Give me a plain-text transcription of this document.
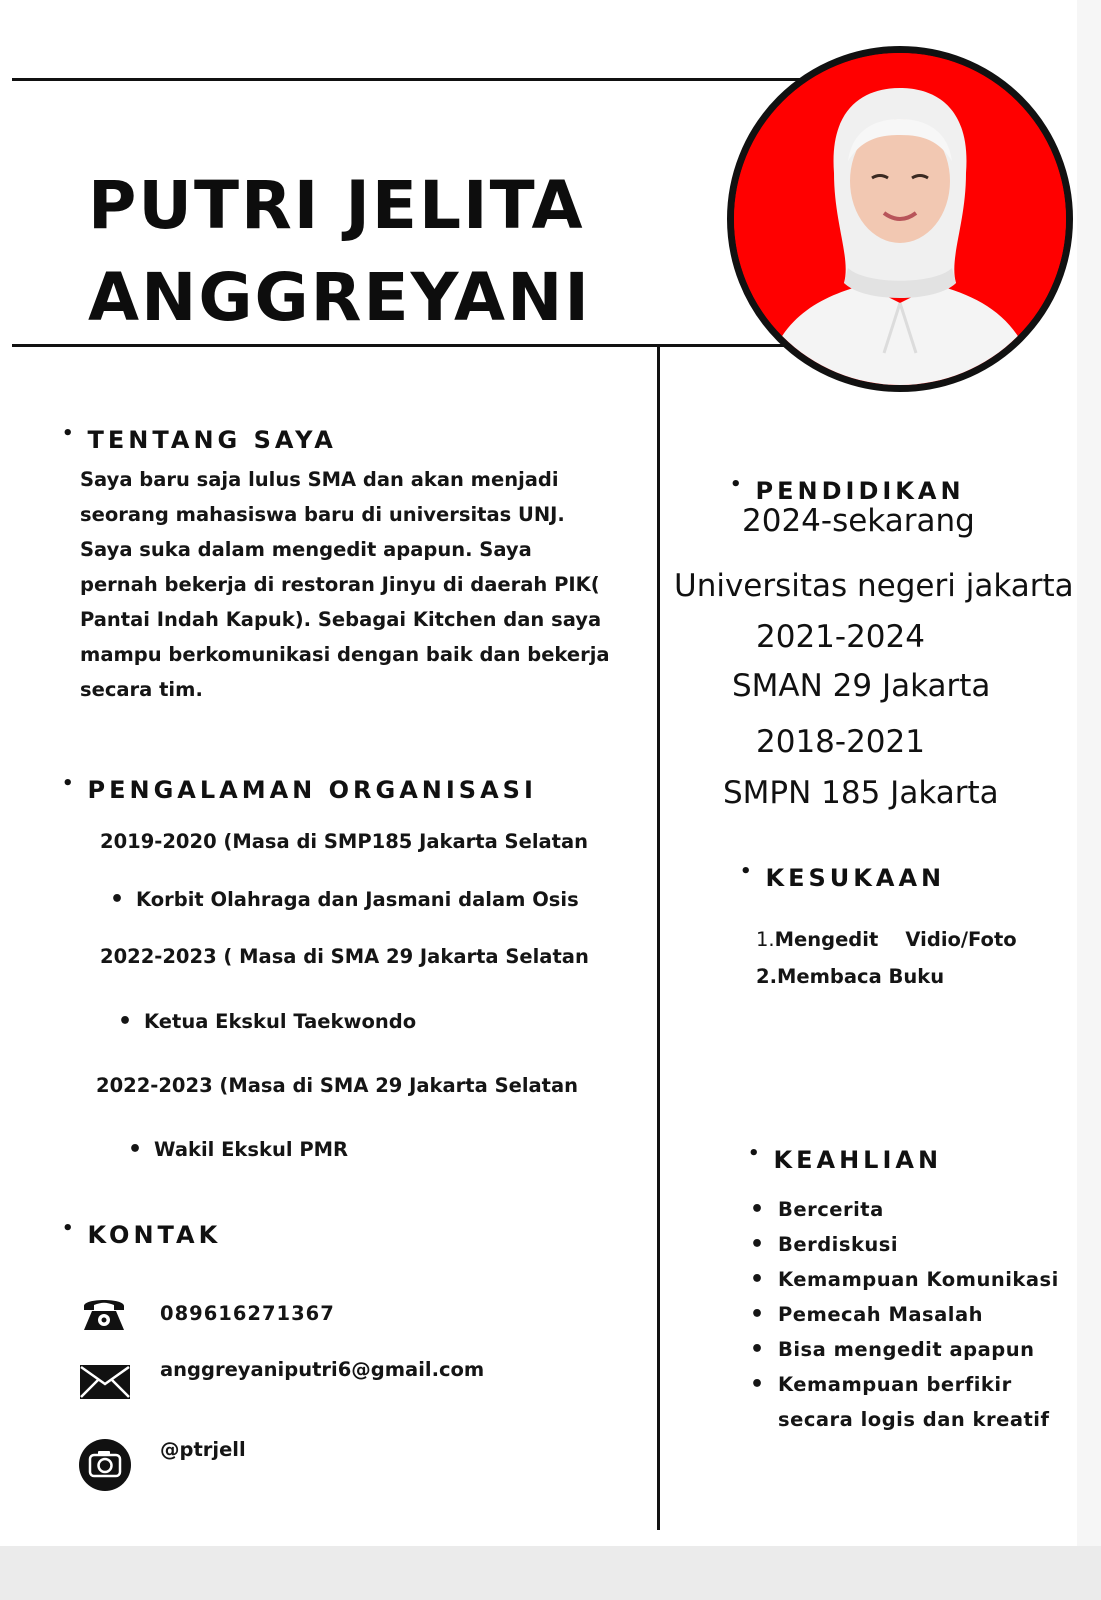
PUTRI JELITA
ANGGREYANI
• TENTANG SAYA

Saya baru saja lulus SMA dan akan menjadi seorang mahasiswa baru di universitas UNJ. Saya suka dalam mengedit apapun. Saya pernah bekerja di restoran Jinyu di daerah PIK( Pantai Indah Kapuk). Sebagai Kitchen dan saya mampu berkomunikasi dengan baik dan bekerja secara tim.

• PENGALAMAN ORGANISASI
2019-2020 (Masa di SMP185 Jakarta Selatan
• Korbit Olahraga dan Jasmani dalam Osis
2022-2023 ( Masa di SMA 29 Jakarta Selatan
• Ketua Ekskul Taekwondo
2022-2023 (Masa di SMA 29 Jakarta Selatan
• Wakil Ekskul PMR
• KONTAK
089616271367
anggreyaniputri6@gmail.com
@ptrjell
• PENDIDIKAN
2024-sekarang
Universitas negeri jakarta
2021-2024
SMAN 29 Jakarta
2018-2021
SMPN 185 Jakarta
• KESUKAAN
1.Mengedit    Vidio/Foto
2.Membaca Buku
• KEAHLIAN
• Bercerita
• Berdiskusi
• Kemampuan Komunikasi
• Pemecah Masalah
• Bisa mengedit apapun
• Kemampuan berfikir
secara logis dan kreatif
